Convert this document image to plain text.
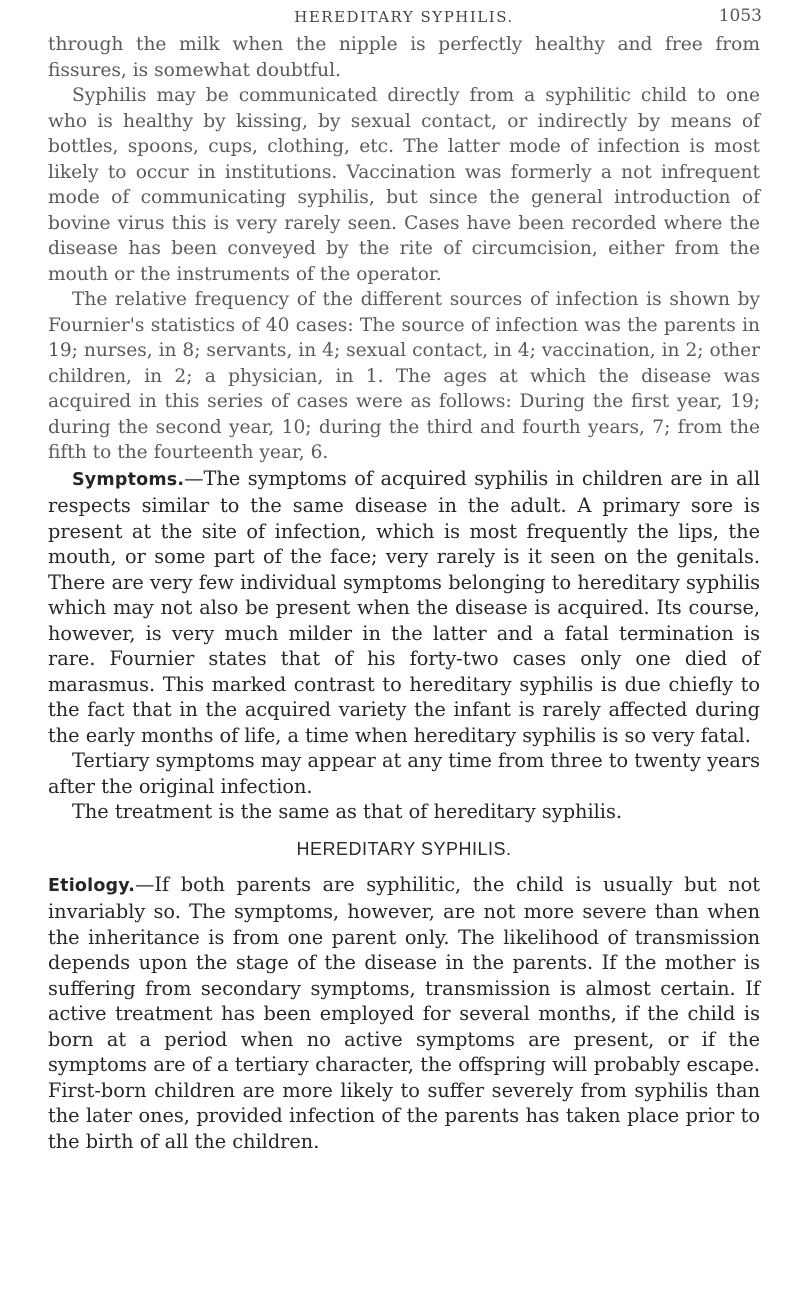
HEREDITARY SYPHILIS.	1053

through the milk when the nipple is perfectly healthy and free from fissures, is somewhat doubtful.

Syphilis may be communicated directly from a syphilitic child to one who is healthy by kissing, by sexual contact, or indirectly by means of bottles, spoons, cups, clothing, etc. The latter mode of infection is most likely to occur in institutions. Vaccination was formerly a not infrequent mode of communicating syphilis, but since the general introduction of bovine virus this is very rarely seen. Cases have been recorded where the disease has been conveyed by the rite of circumcision, either from the mouth or the instruments of the operator.

The relative frequency of the different sources of infection is shown by Fournier's statistics of 40 cases: The source of infection was the parents in 19; nurses, in 8; servants, in 4; sexual contact, in 4; vaccination, in 2; other children, in 2; a physician, in 1. The ages at which the disease was acquired in this series of cases were as follows: During the first year, 19; during the second year, 10; during the third and fourth years, 7; from the fifth to the fourteenth year, 6.

Symptoms.—The symptoms of acquired syphilis in children are in all respects similar to the same disease in the adult. A primary sore is present at the site of infection, which is most frequently the lips, the mouth, or some part of the face; very rarely is it seen on the genitals. There are very few individual symptoms belonging to hereditary syphilis which may not also be present when the disease is acquired. Its course, however, is very much milder in the latter and a fatal termination is rare. Fournier states that of his forty-two cases only one died of marasmus. This marked contrast to hereditary syphilis is due chiefly to the fact that in the acquired variety the infant is rarely affected during the early months of life, a time when hereditary syphilis is so very fatal.

Tertiary symptoms may appear at any time from three to twenty years after the original infection.

The treatment is the same as that of hereditary syphilis.

HEREDITARY SYPHILIS.

Etiology.—If both parents are syphilitic, the child is usually but not invariably so. The symptoms, however, are not more severe than when the inheritance is from one parent only. The likelihood of transmission depends upon the stage of the disease in the parents. If the mother is suffering from secondary symptoms, transmission is almost certain. If active treatment has been employed for several months, if the child is born at a period when no active symptoms are present, or if the symptoms are of a tertiary character, the offspring will probably escape. First-born children are more likely to suffer severely from syphilis than the later ones, provided infection of the parents has taken place prior to the birth of all the children.
